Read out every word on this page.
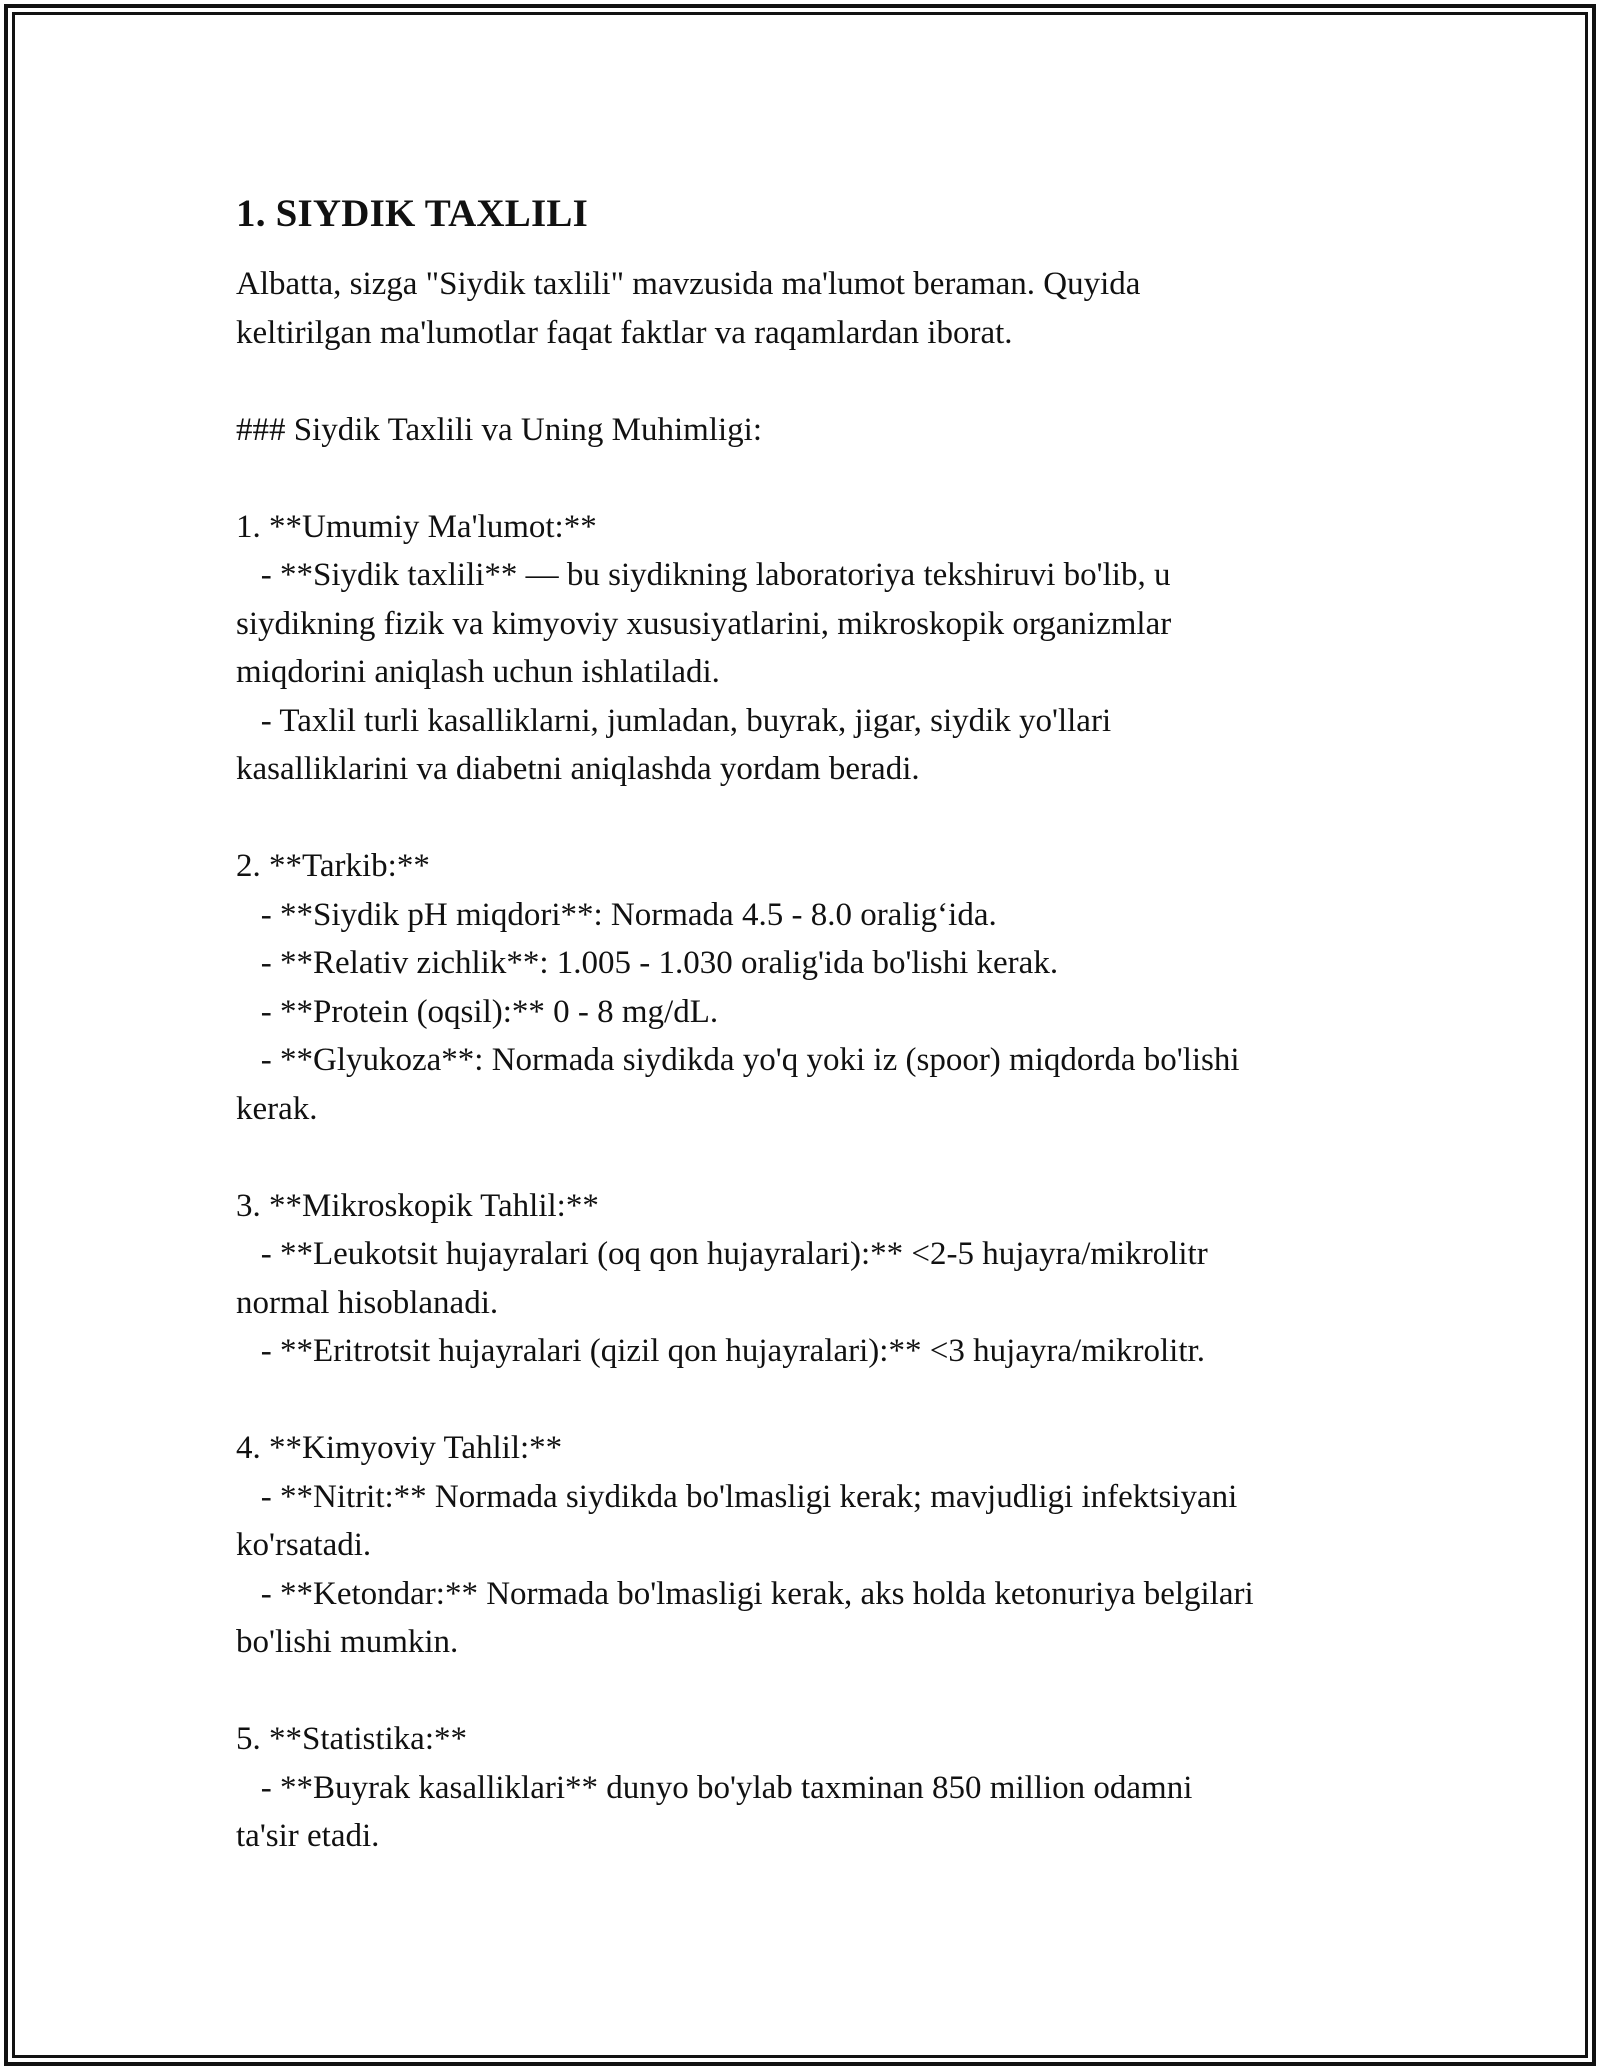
1. SIYDIK TAXLILI

Albatta, sizga "Siydik taxlili" mavzusida ma'lumot beraman. Quyida

keltirilgan ma'lumotlar faqat faktlar va raqamlardan iborat.

### Siydik Taxlili va Uning Muhimligi:

1. **Umumiy Ma'lumot:**

- **Siydik taxlili** — bu siydikning laboratoriya tekshiruvi bo'lib, u

siydikning fizik va kimyoviy xususiyatlarini, mikroskopik organizmlar

miqdorini aniqlash uchun ishlatiladi.

- Taxlil turli kasalliklarni, jumladan, buyrak, jigar, siydik yo'llari

kasalliklarini va diabetni aniqlashda yordam beradi.

2. **Tarkib:**

- **Siydik pH miqdori**: Normada 4.5 - 8.0 oralig‘ida.

- **Relativ zichlik**: 1.005 - 1.030 oralig'ida bo'lishi kerak.

- **Protein (oqsil):** 0 - 8 mg/dL.

- **Glyukoza**: Normada siydikda yo'q yoki iz (spoor) miqdorda bo'lishi

kerak.

3. **Mikroskopik Tahlil:**

- **Leukotsit hujayralari (oq qon hujayralari):** <2-5 hujayra/mikrolitr

normal hisoblanadi.

- **Eritrotsit hujayralari (qizil qon hujayralari):** <3 hujayra/mikrolitr.

4. **Kimyoviy Tahlil:**

- **Nitrit:** Normada siydikda bo'lmasligi kerak; mavjudligi infektsiyani

ko'rsatadi.

- **Ketondar:** Normada bo'lmasligi kerak, aks holda ketonuriya belgilari

bo'lishi mumkin.

5. **Statistika:**

- **Buyrak kasalliklari** dunyo bo'ylab taxminan 850 million odamni

ta'sir etadi.
